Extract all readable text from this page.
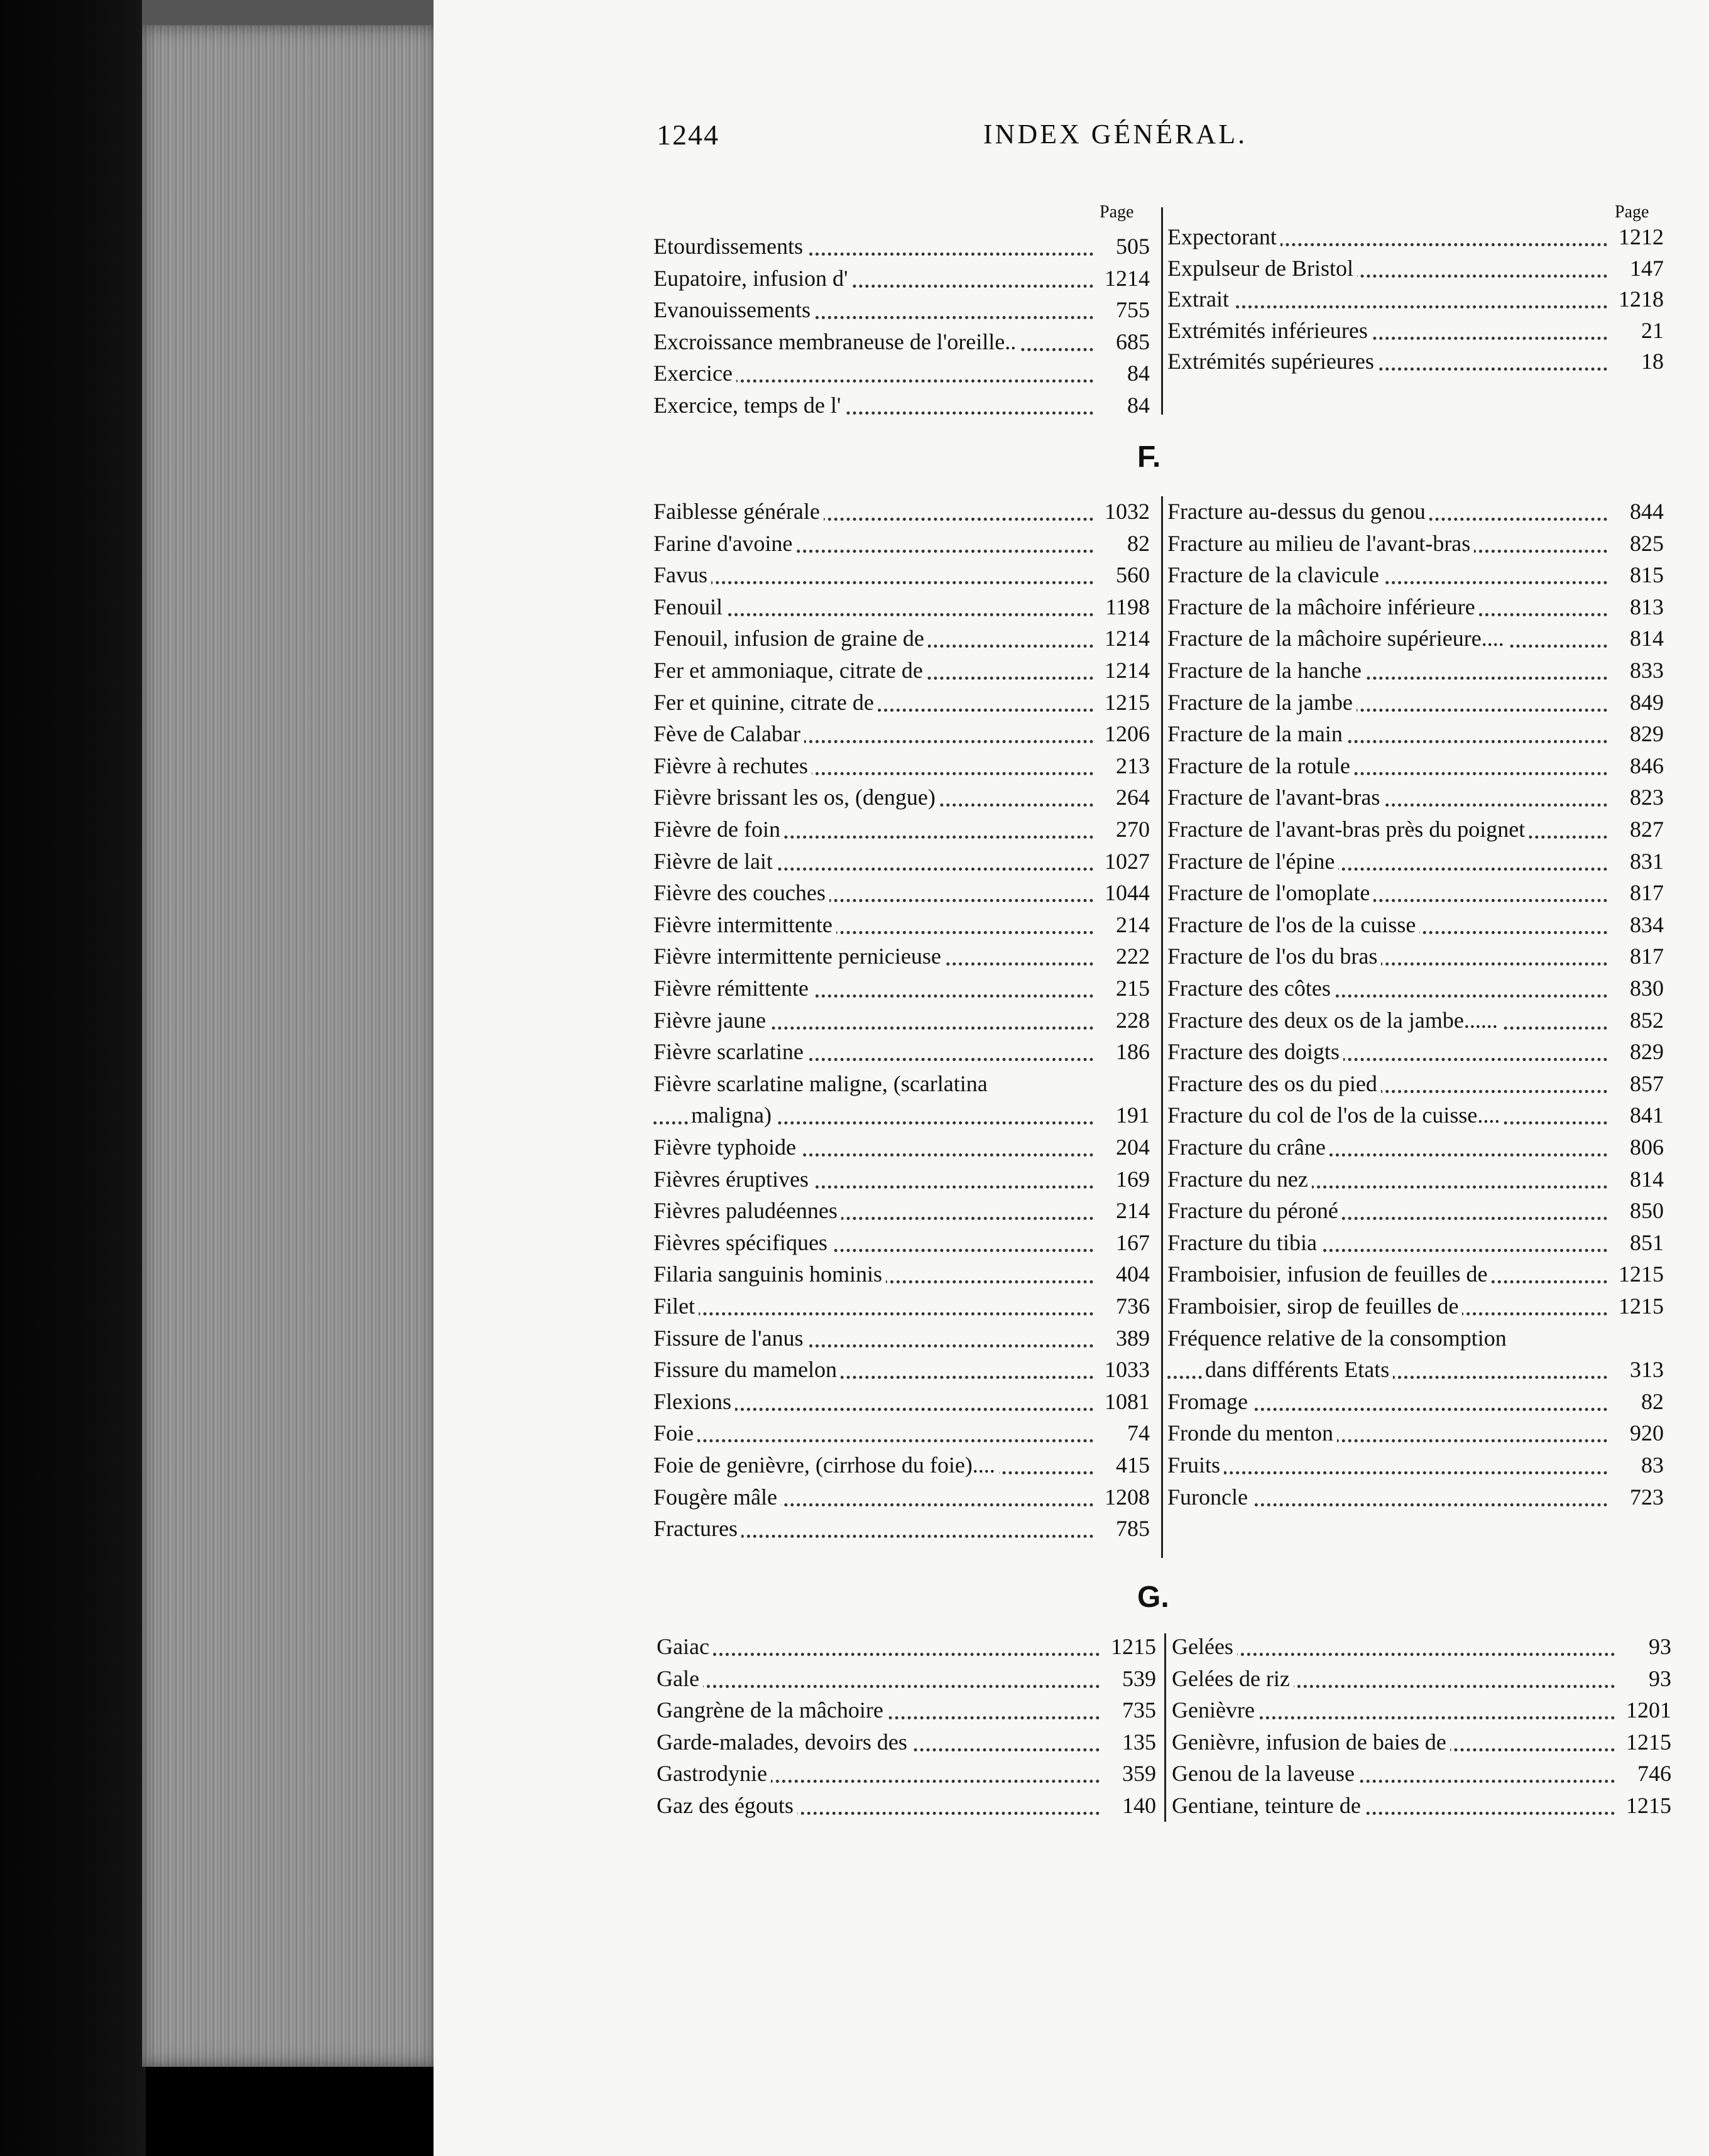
1244	INDEX GÉNÉRAL.
Page	Page
F.
G.
Etourdissements	505
Eupatoire, infusion d'	1214
Evanouissements	755
Excroissance membraneuse de l'oreille..	685
Exercice	84
Exercice, temps de l'	84
Expectorant	1212
Expulseur de Bristol	147
Extrait	1218
Extrémités inférieures	21
Extrémités supérieures	18
Faiblesse générale	1032
Farine d'avoine	82
Favus	560
Fenouil	1198
Fenouil, infusion de graine de	1214
Fer et ammoniaque, citrate de	1214
Fer et quinine, citrate de	1215
Fève de Calabar	1206
Fièvre à rechutes	213
Fièvre brissant les os, (dengue)	264
Fièvre de foin	270
Fièvre de lait	1027
Fièvre des couches	1044
Fièvre intermittente	214
Fièvre intermittente pernicieuse	222
Fièvre rémittente	215
Fièvre jaune	228
Fièvre scarlatine	186
Fièvre scarlatine maligne, (scarlatina
maligna)	191
Fièvre typhoide	204
Fièvres éruptives	169
Fièvres paludéennes	214
Fièvres spécifiques	167
Filaria sanguinis hominis	404
Filet	736
Fissure de l'anus	389
Fissure du mamelon	1033
Flexions	1081
Foie	74
Foie de genièvre, (cirrhose du foie)....	415
Fougère mâle	1208
Fractures	785
Fracture au-dessus du genou	844
Fracture au milieu de l'avant-bras	825
Fracture de la clavicule	815
Fracture de la mâchoire inférieure	813
Fracture de la mâchoire supérieure....	814
Fracture de la hanche	833
Fracture de la jambe	849
Fracture de la main	829
Fracture de la rotule	846
Fracture de l'avant-bras	823
Fracture de l'avant-bras près du poignet	827
Fracture de l'épine	831
Fracture de l'omoplate	817
Fracture de l'os de la cuisse	834
Fracture de l'os du bras	817
Fracture des côtes	830
Fracture des deux os de la jambe......	852
Fracture des doigts	829
Fracture des os du pied	857
Fracture du col de l'os de la cuisse....	841
Fracture du crâne	806
Fracture du nez	814
Fracture du péroné	850
Fracture du tibia	851
Framboisier, infusion de feuilles de	1215
Framboisier, sirop de feuilles de	1215
Fréquence relative de la consomption
dans différents Etats	313
Fromage	82
Fronde du menton	920
Fruits	83
Furoncle	723
Gaiac	1215
Gale	539
Gangrène de la mâchoire	735
Garde-malades, devoirs des	135
Gastrodynie	359
Gaz des égouts	140
Gelées	93
Gelées de riz	93
Genièvre	1201
Genièvre, infusion de baies de	1215
Genou de la laveuse	746
Gentiane, teinture de	1215
